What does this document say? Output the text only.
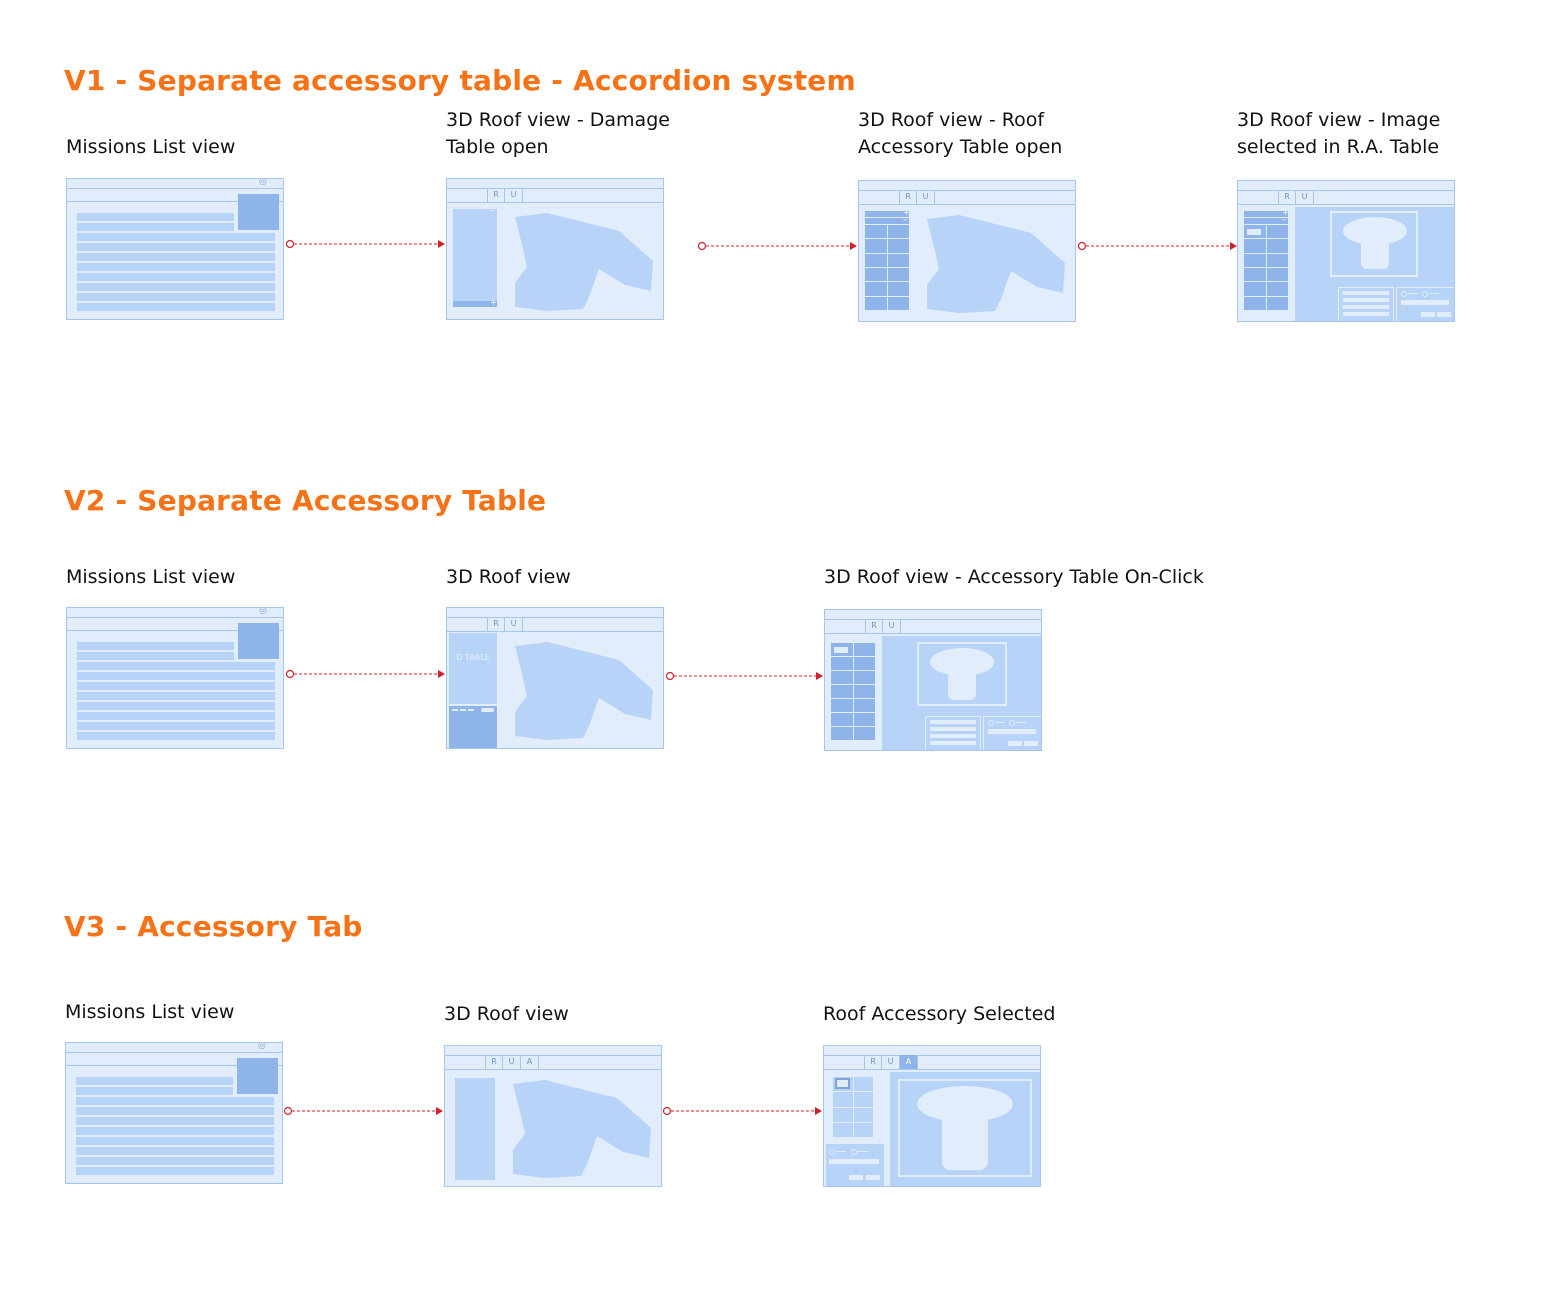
V1 - Separate accessory table - Accordion system
Missions List view
3D Roof view - Damage Table open
3D Roof view - Roof Accessory Table open
3D Roof view - Image selected in R.A. Table
◎
R	U
–
+
R	U
+
–
R	U
+
–
V2 - Separate Accessory Table
Missions List view	3D Roof view	3D Roof view - Accessory Table On-Click
◎
R	U
D TABLE
R	U
V3 - Accessory Tab
Missions List view	3D Roof view	Roof Accessory Selected
◎
R	U	A	R	U	A
